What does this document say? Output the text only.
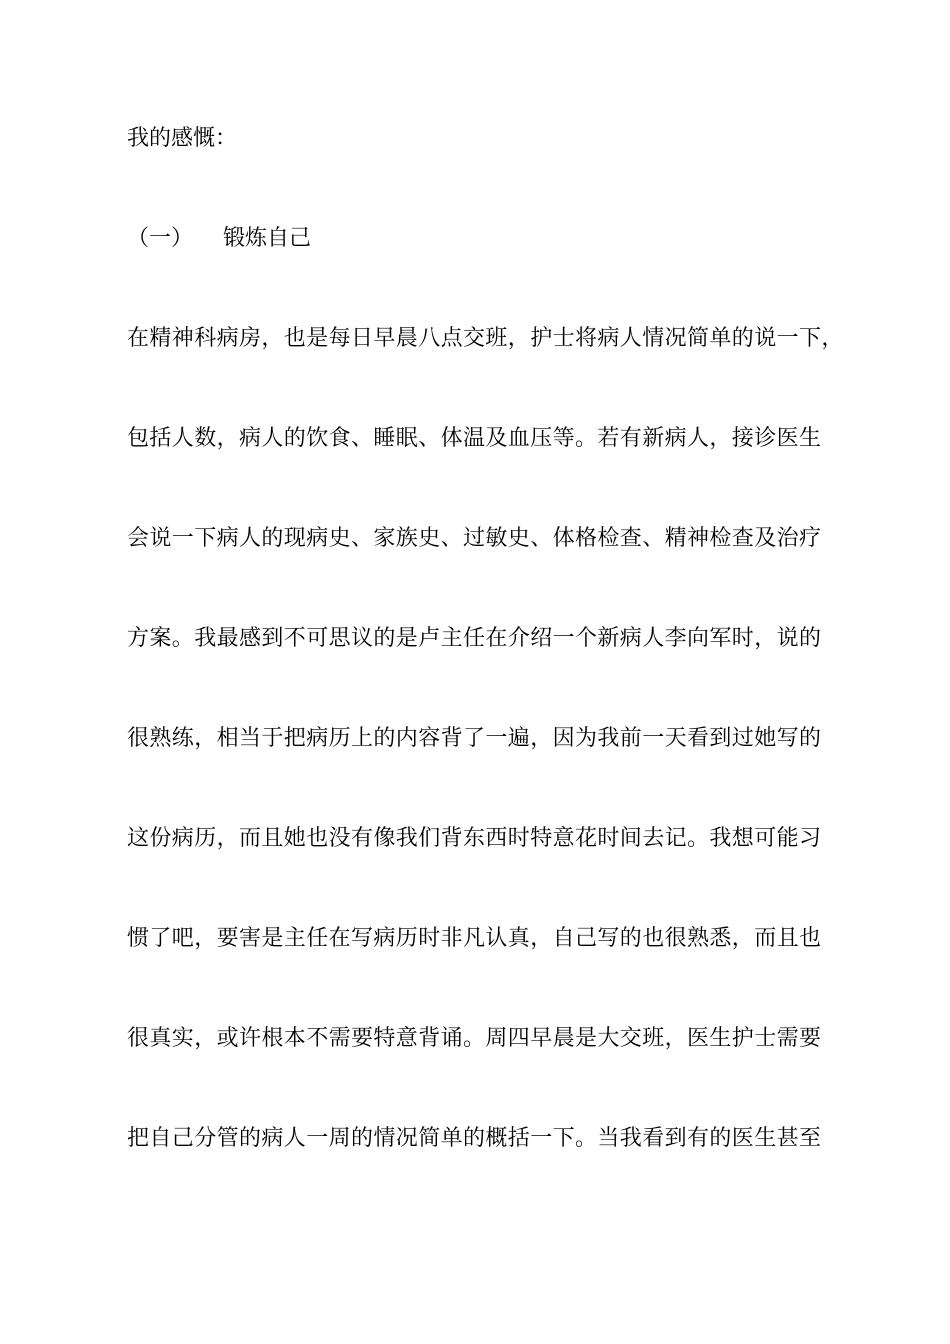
我的感慨：
（一） 锻炼自己
在精神科病房，也是每日早晨八点交班，护士将病人情况简单的说一下，
包括人数，病人的饮食、睡眠、体温及血压等。若有新病人，接诊医生
会说一下病人的现病史、家族史、过敏史、体格检查、精神检查及治疗
方案。我最感到不可思议的是卢主任在介绍一个新病人李向军时，说的
很熟练，相当于把病历上的内容背了一遍，因为我前一天看到过她写的
这份病历，而且她也没有像我们背东西时特意花时间去记。我想可能习
惯了吧，要害是主任在写病历时非凡认真，自己写的也很熟悉，而且也
很真实，或许根本不需要特意背诵。周四早晨是大交班，医生护士需要
把自己分管的病人一周的情况简单的概括一下。当我看到有的医生甚至
